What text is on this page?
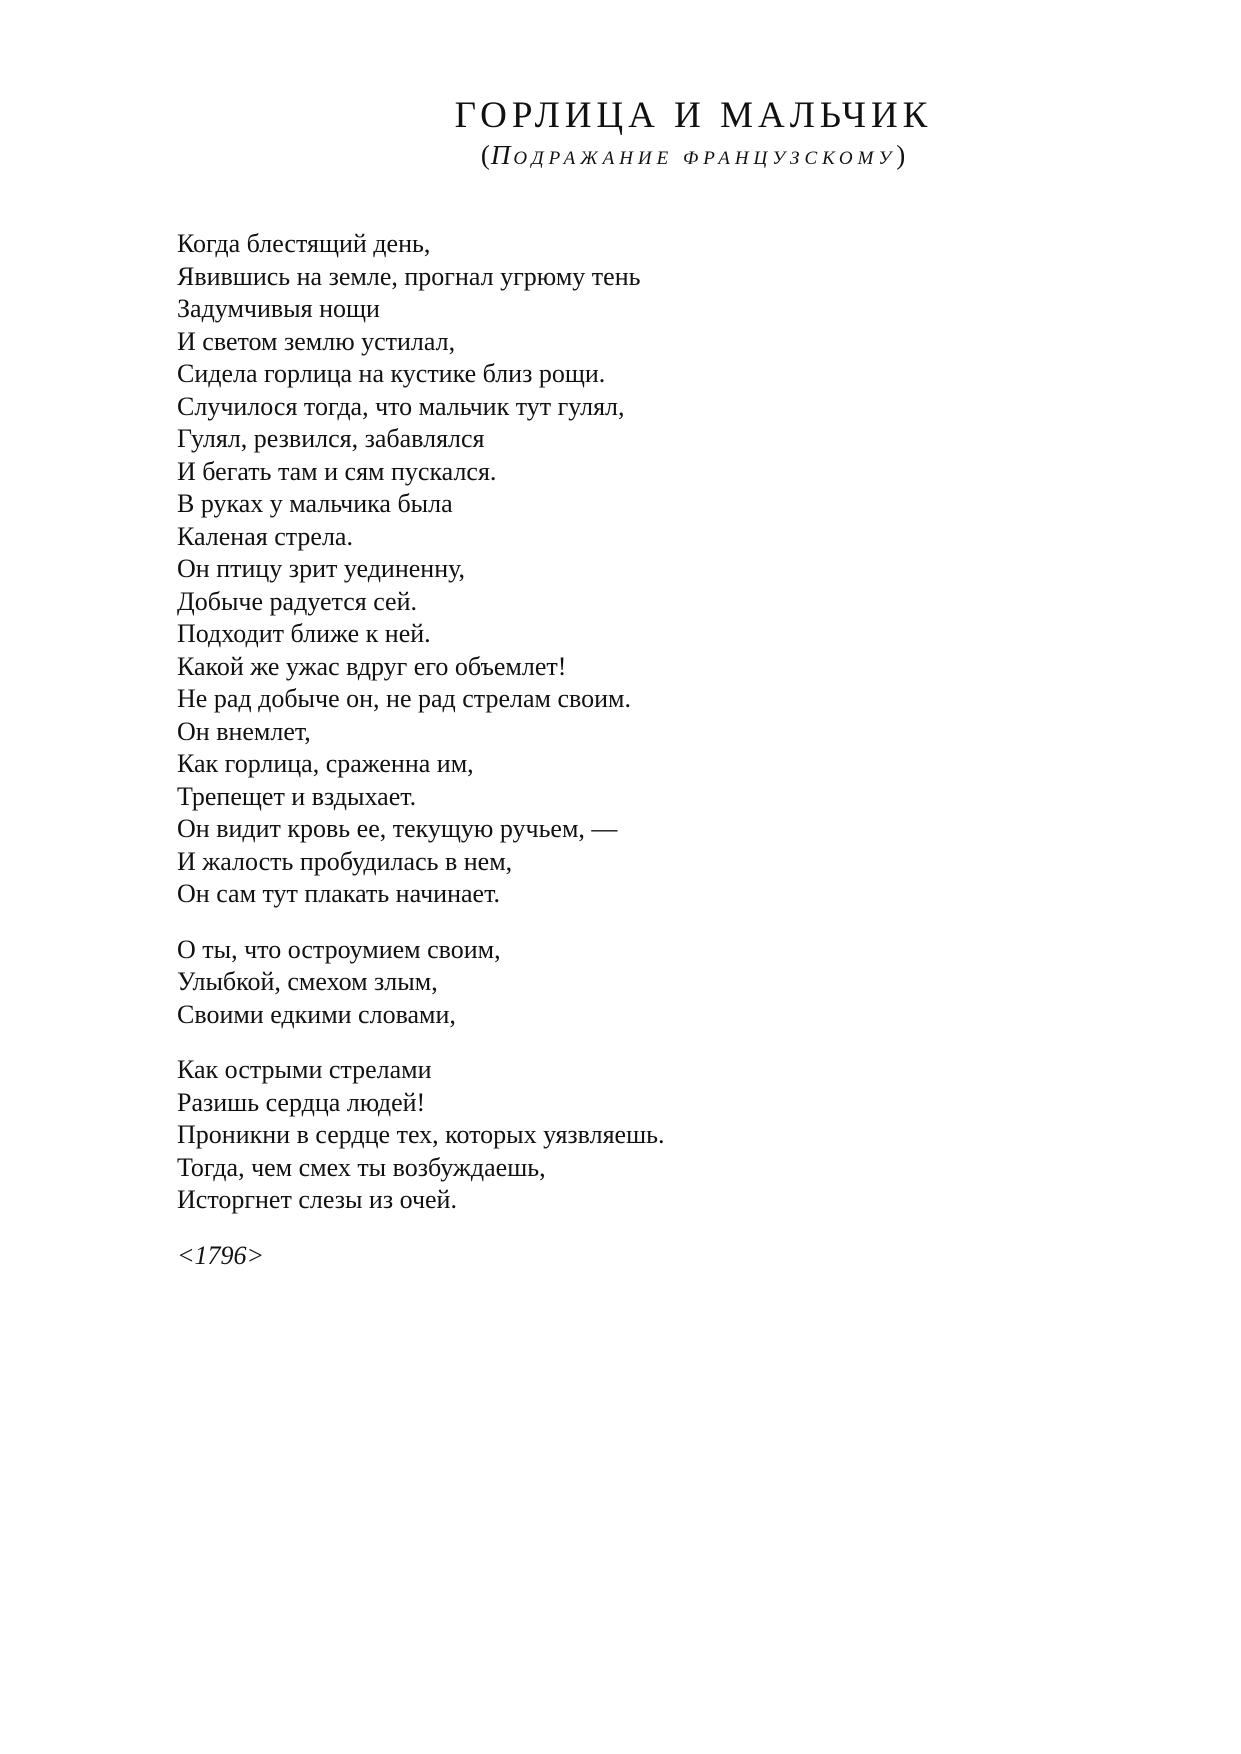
ГОРЛИЦА И МАЛЬЧИК
(ПОДРАЖАНИЕ ФРАНЦУЗСКОМУ)
Когда блестящий день,
Явившись на земле, прогнал угрюму тень
Задумчивыя нощи
И светом землю устилал,
Сидела горлица на кустике близ рощи.
Случилося тогда, что мальчик тут гулял,
Гулял, резвился, забавлялся
И бегать там и сям пускался.
В руках у мальчика была
Каленая стрела.
Он птицу зрит уединенну,
Добыче радуется сей.
Подходит ближе к ней.
Какой же ужас вдруг его объемлет!
Не рад добыче он, не рад стрелам своим.
Он внемлет,
Как горлица, сраженна им,
Трепещет и вздыхает.
Он видит кровь ее, текущую ручьем, —
И жалость пробудилась в нем,
Он сам тут плакать начинает.
О ты, что остроумием своим,
Улыбкой, смехом злым,
Своими едкими словами,
Как острыми стрелами
Разишь сердца людей!
Проникни в сердце тех, которых уязвляешь.
Тогда, чем смех ты возбуждаешь,
Исторгнет слезы из очей.
<1796>
